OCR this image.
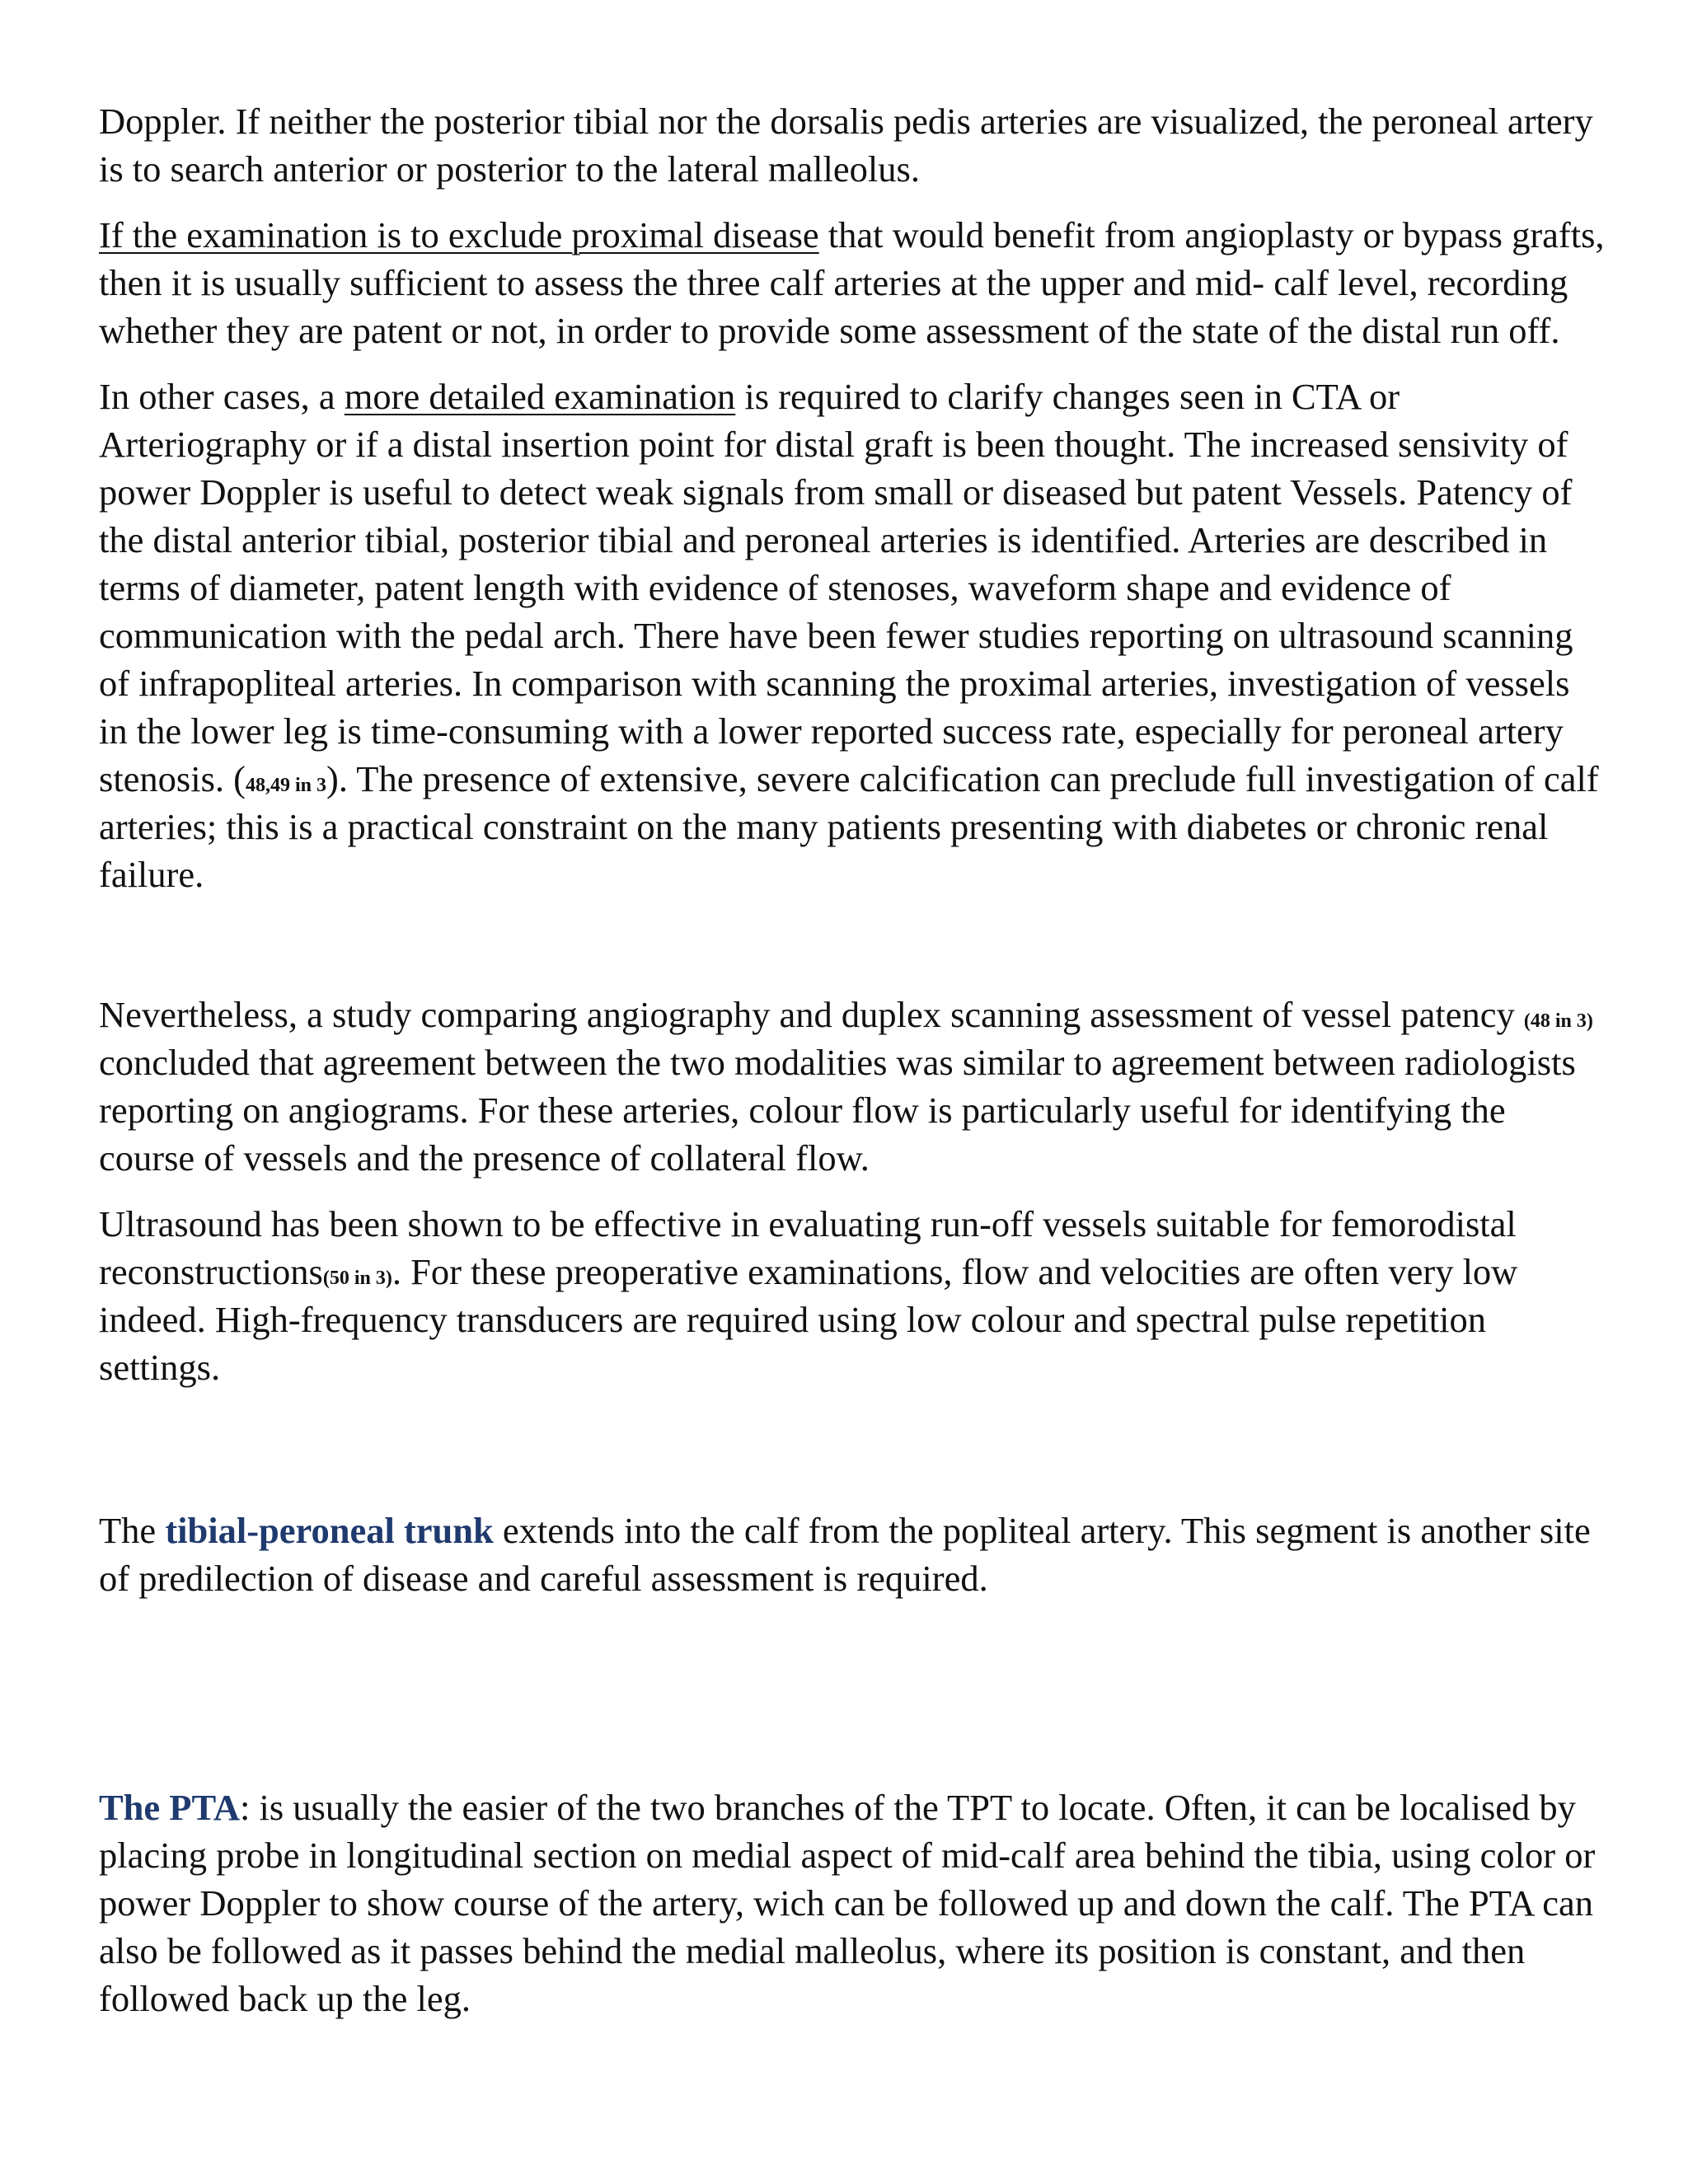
Doppler. If neither the posterior tibial nor the dorsalis pedis arteries are visualized, the peroneal artery is to search anterior or posterior to the lateral malleolus.

If the examination is to exclude proximal disease that would benefit from angioplasty or bypass grafts, then it is usually sufficient to assess the three calf arteries at the upper and mid- calf level, recording whether they are patent or not, in order to provide some assessment of the state of the distal run off.

In other cases, a more detailed examination is required to clarify changes seen in CTA or Arteriography or if a distal insertion point for distal graft is been thought. The increased sensivity of power Doppler is useful to detect weak signals from small or diseased but patent Vessels. Patency of the distal anterior tibial, posterior tibial and peroneal arteries is identified. Arteries are described in terms of diameter, patent length with evidence of stenoses, waveform shape and evidence of communication with the pedal arch. There have been fewer studies reporting on ultrasound scanning of infrapopliteal arteries. In comparison with scanning the proximal arteries, investigation of vessels in the lower leg is time-consuming with a lower reported success rate, especially for peroneal artery stenosis. (48,49 in 3). The presence of extensive, severe calcification can preclude full investigation of calf arteries; this is a practical constraint on the many patients presenting with diabetes or chronic renal failure.

Nevertheless, a study comparing angiography and duplex scanning assessment of vessel patency (48 in 3) concluded that agreement between the two modalities was similar to agreement between radiologists reporting on angiograms. For these arteries, colour flow is particularly useful for identifying the course of vessels and the presence of collateral flow.

Ultrasound has been shown to be effective in evaluating run-off vessels suitable for femorodistal reconstructions(50 in 3). For these preoperative examinations, flow and velocities are often very low indeed. High-frequency transducers are required using low colour and spectral pulse repetition settings.

The tibial-peroneal trunk extends into the calf from the popliteal artery. This segment is another site of predilection of disease and careful assessment is required.

The PTA: is usually the easier of the two branches of the TPT to locate. Often, it can be localised by placing probe in longitudinal section on medial aspect of mid-calf area behind the tibia, using color or power Doppler to show course of the artery, wich can be followed up and down the calf. The PTA can also be followed as it passes behind the medial malleolus, where its position is constant, and then followed back up the leg.
